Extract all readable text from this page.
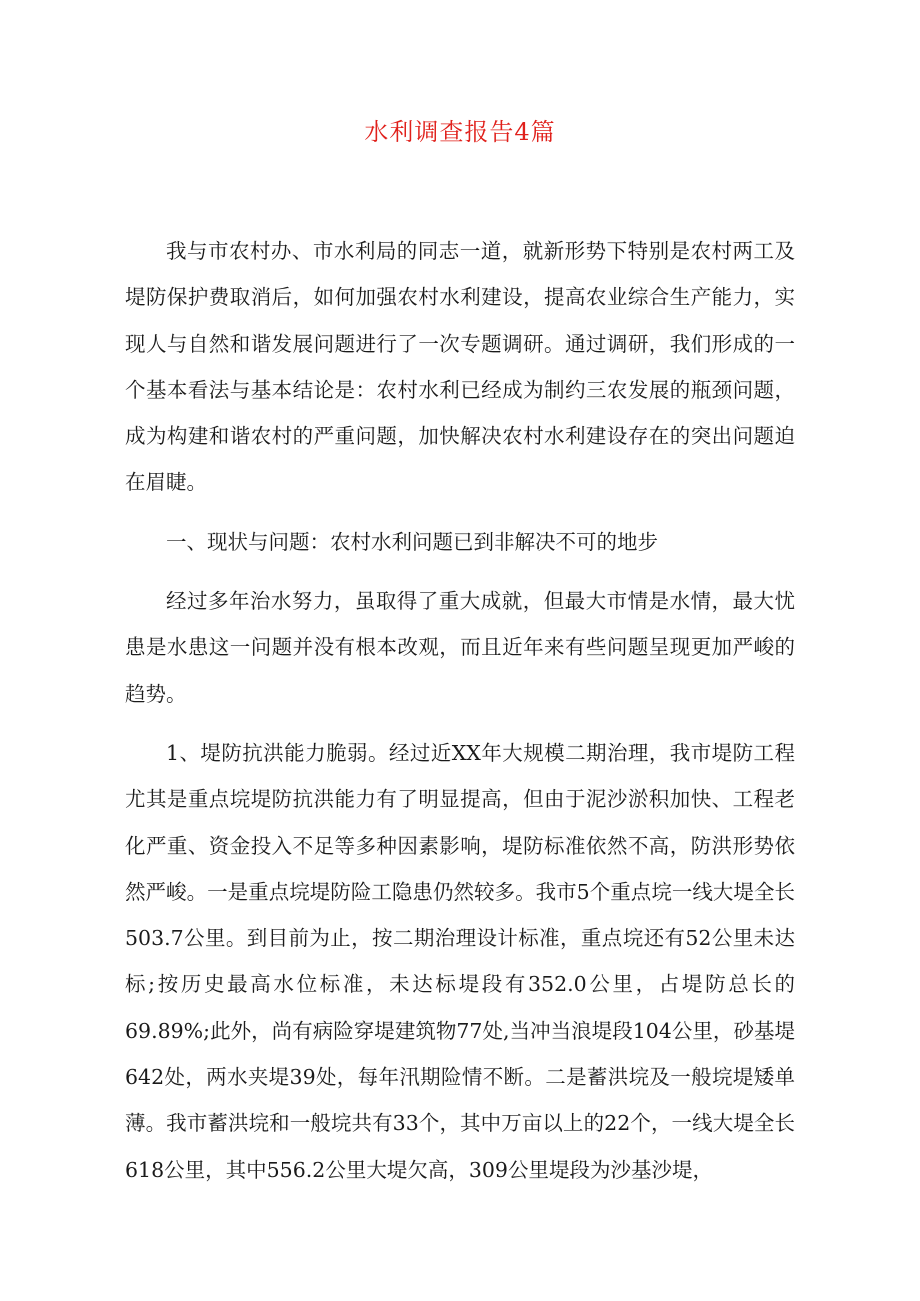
水利调查报告4篇

我与市农村办、市水利局的同志一道，就新形势下特别是农村两工及堤防保护费取消后，如何加强农村水利建设，提高农业综合生产能力，实现人与自然和谐发展问题进行了一次专题调研。通过调研，我们形成的一个基本看法与基本结论是：农村水利已经成为制约三农发展的瓶颈问题，成为构建和谐农村的严重问题，加快解决农村水利建设存在的突出问题迫在眉睫。

一、现状与问题：农村水利问题已到非解决不可的地步

经过多年治水努力，虽取得了重大成就，但最大市情是水情，最大忧患是水患这一问题并没有根本改观，而且近年来有些问题呈现更加严峻的趋势。

1、堤防抗洪能力脆弱。经过近XX年大规模二期治理，我市堤防工程尤其是重点垸堤防抗洪能力有了明显提高，但由于泥沙淤积加快、工程老化严重、资金投入不足等多种因素影响，堤防标准依然不高，防洪形势依然严峻。一是重点垸堤防险工隐患仍然较多。我市5个重点垸一线大堤全长503.7公里。到目前为止，按二期治理设计标准，重点垸还有52公里未达标;按历史最高水位标准，未达标堤段有352.0公里，占堤防总长的69.89%;此外，尚有病险穿堤建筑物77处,当冲当浪堤段104公里，砂基堤642处，两水夹堤39处，每年汛期险情不断。二是蓄洪垸及一般垸堤矮单薄。我市蓄洪垸和一般垸共有33个，其中万亩以上的22个，一线大堤全长618公里，其中556.2公里大堤欠高，309公里堤段为沙基沙堤，
